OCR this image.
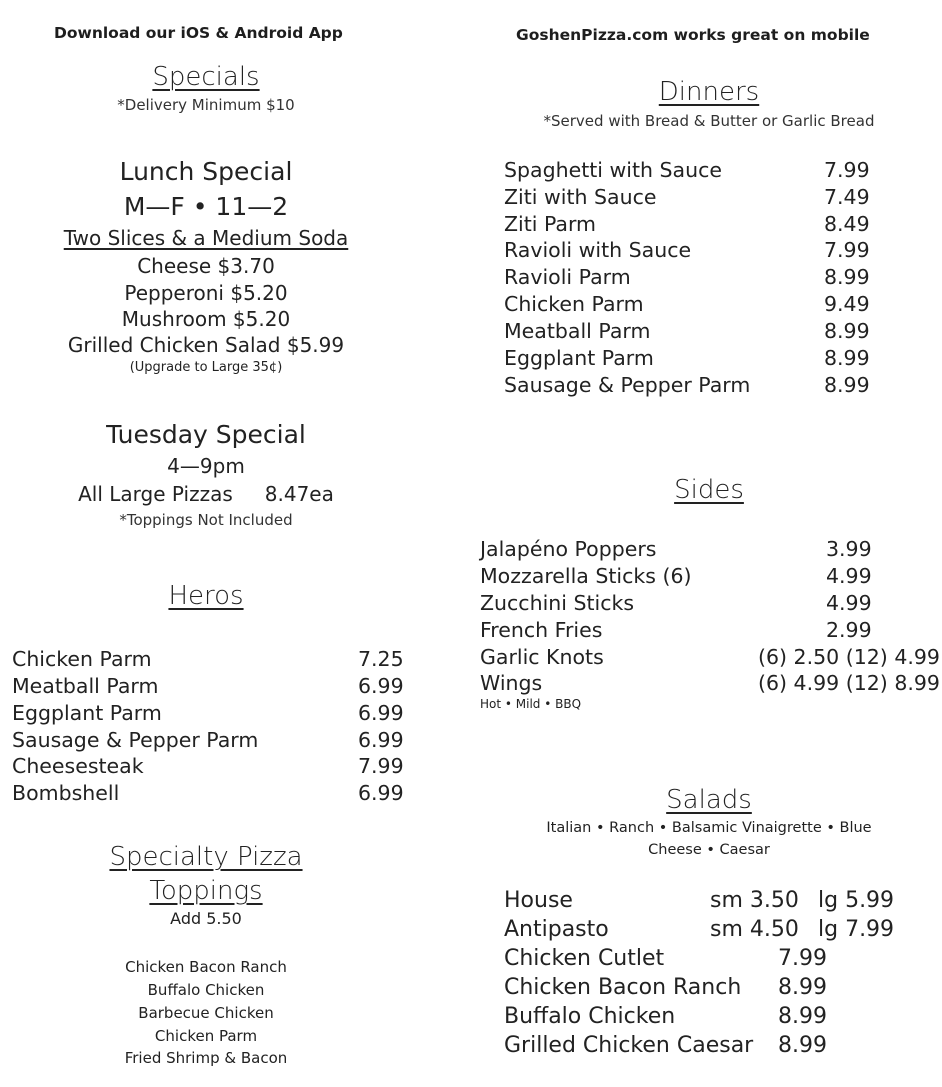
Download our iOS & Android App	GoshenPizza.com works great on mobile
Specials
*Delivery Minimum $10
Lunch Special
M—F • 11—2
Two Slices & a Medium Soda
Cheese $3.70
Pepperoni $5.20
Mushroom $5.20
Grilled Chicken Salad $5.99
(Upgrade to Large 35¢)
Tuesday Special
4—9pm
All Large Pizzas 8.47ea
*Toppings Not Included
Heros
Chicken Parm	7.25
Meatball Parm	6.99
Eggplant Parm	6.99
Sausage & Pepper Parm	6.99
Cheesesteak	7.99
Bombshell	6.99
Specialty Pizza
Toppings
Add 5.50
Chicken Bacon Ranch
Buffalo Chicken
Barbecue Chicken
Chicken Parm
Fried Shrimp & Bacon
Dinners
*Served with Bread & Butter or Garlic Bread
Spaghetti with Sauce	7.99
Ziti with Sauce	7.49
Ziti Parm	8.49
Ravioli with Sauce	7.99
Ravioli Parm	8.99
Chicken Parm	9.49
Meatball Parm	8.99
Eggplant Parm	8.99
Sausage & Pepper Parm	8.99
Sides
Jalapéno Poppers	3.99
Mozzarella Sticks (6)	4.99
Zucchini Sticks	4.99
French Fries	2.99
Garlic Knots	(6) 2.50 (12) 4.99
Wings	(6) 4.99 (12) 8.99
Hot • Mild • BBQ
Salads
Italian • Ranch • Balsamic Vinaigrette • Blue
Cheese • Caesar
House	sm 3.50 lg 5.99
Antipasto	sm 4.50 lg 7.99
Chicken Cutlet	7.99
Chicken Bacon Ranch 8.99
Buffalo Chicken	8.99
Grilled Chicken Caesar 8.99
